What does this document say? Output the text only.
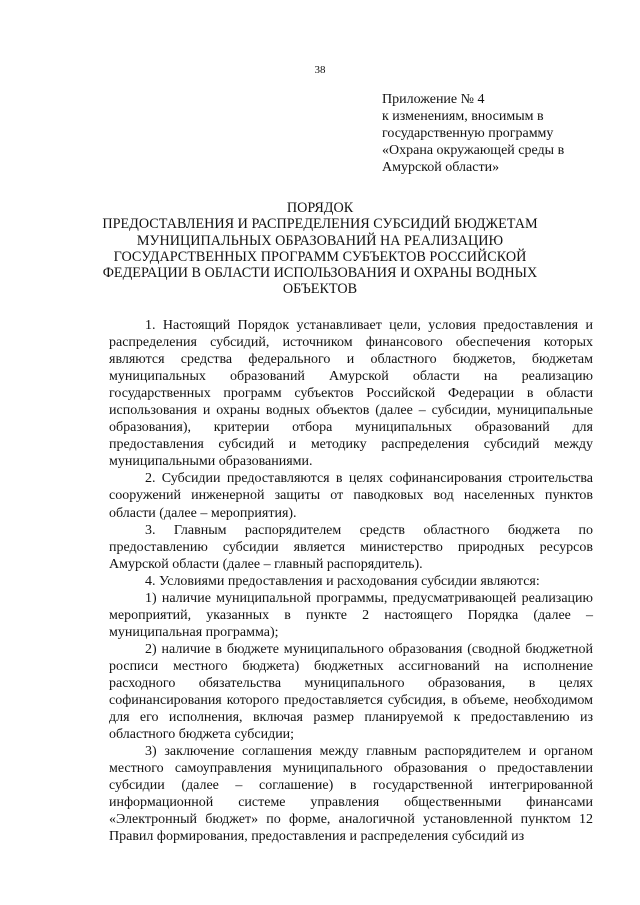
38
Приложение № 4
к изменениям, вносимым в
государственную программу
«Охрана окружающей среды в
Амурской области»
ПОРЯДОК
ПРЕДОСТАВЛЕНИЯ И РАСПРЕДЕЛЕНИЯ СУБСИДИЙ БЮДЖЕТАМ
МУНИЦИПАЛЬНЫХ ОБРАЗОВАНИЙ НА РЕАЛИЗАЦИЮ
ГОСУДАРСТВЕННЫХ ПРОГРАММ СУБЪЕКТОВ РОССИЙСКОЙ
ФЕДЕРАЦИИ В ОБЛАСТИ ИСПОЛЬЗОВАНИЯ И ОХРАНЫ ВОДНЫХ
ОБЪЕКТОВ
1. Настоящий Порядок устанавливает цели, условия предоставления и распределения субсидий, источником финансового обеспечения которых являются средства федерального и областного бюджетов, бюджетам муниципальных образований Амурской области на реализацию государственных программ субъектов Российской Федерации в области использования и охраны водных объектов (далее – субсидии, муниципальные образования), критерии отбора муниципальных образований для предоставления субсидий и методику распределения субсидий между муниципальными образованиями.
2. Субсидии предоставляются в целях софинансирования строительства сооружений инженерной защиты от паводковых вод населенных пунктов области (далее – мероприятия).
3. Главным распорядителем средств областного бюджета по предоставлению субсидии является министерство природных ресурсов Амурской области (далее – главный распорядитель).
4. Условиями предоставления и расходования субсидии являются:
1) наличие муниципальной программы, предусматривающей реализацию мероприятий, указанных в пункте 2 настоящего Порядка (далее – муниципальная программа);
2) наличие в бюджете муниципального образования (сводной бюджетной росписи местного бюджета) бюджетных ассигнований на исполнение расходного обязательства муниципального образования, в целях софинансирования которого предоставляется субсидия, в объеме, необходимом для его исполнения, включая размер планируемой к предоставлению из областного бюджета субсидии;
3) заключение соглашения между главным распорядителем и органом местного самоуправления муниципального образования о предоставлении субсидии (далее – соглашение) в государственной интегрированной информационной системе управления общественными финансами «Электронный бюджет» по форме, аналогичной установленной пунктом 12 Правил формирования, предоставления и распределения субсидий из
